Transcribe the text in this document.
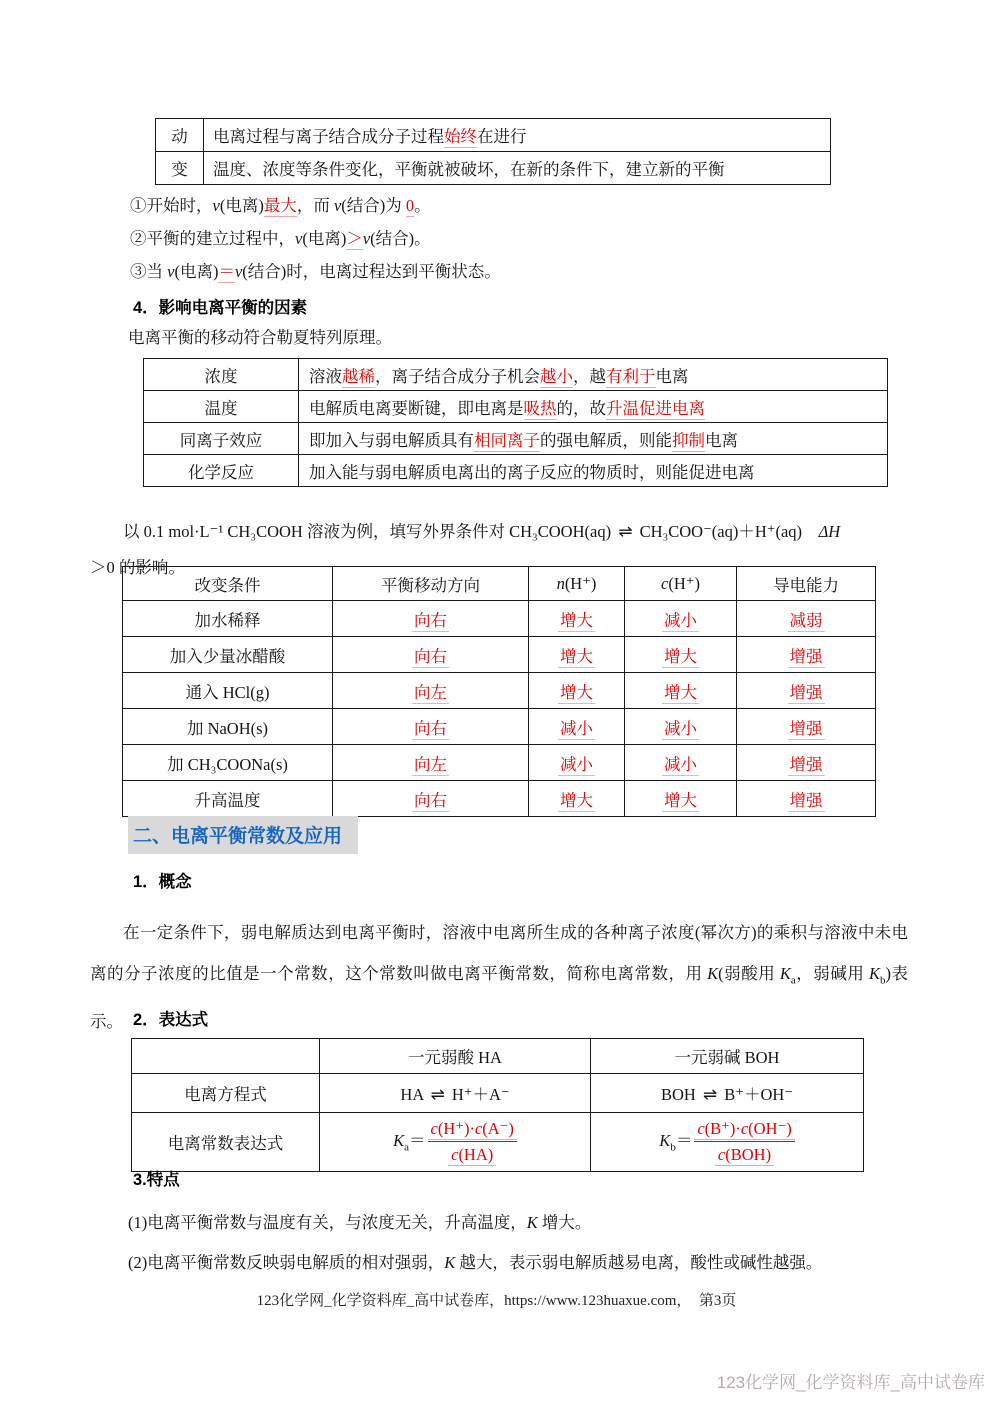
动	电离过程与离子结合成分子过程始终在进行
变	温度、浓度等条件变化，平衡就被破坏，在新的条件下，建立新的平衡

①开始时，v(电离)最大，而 v(结合)为 0。

②平衡的建立过程中，v(电离)＞v(结合)。

③当 v(电离)＝v(结合)时，电离过程达到平衡状态。

4．影响电离平衡的因素
电离平衡的移动符合勒夏特列原理。
浓度	溶液越稀，离子结合成分子机会越小，越有利于电离
温度	电解质电离要断键，即电离是吸热的，故升温促进电离
同离子效应	即加入与弱电解质具有相同离子的强电解质，则能抑制电离
化学反应	加入能与弱电解质电离出的离子反应的物质时，则能促进电离

以 0.1 mol·L⁻¹ CH₃COOH 溶液为例，填写外界条件对 CH₃COOH(aq) ⇌ CH₃COO⁻(aq)＋H⁺(aq)　ΔH
＞0 的影响。

改变条件	平衡移动方向	n(H⁺)	c(H⁺)	导电能力
加水稀释	向右	增大	减小	减弱
加入少量冰醋酸	向右	增大	增大	增强
通入 HCl(g)	向左	增大	增大	增强
加 NaOH(s)	向右	减小	减小	增强
加 CH₃COONa(s)	向左	减小	减小	增强
升高温度	向右	增大	增大	增强
二、电离平衡常数及应用
1．概念

在一定条件下，弱电解质达到电离平衡时，溶液中电离所生成的各种离子浓度(幂次方)的乘积与溶液中未电离的分子浓度的比值是一个常数，这个常数叫做电离平衡常数，简称电离常数，用 K(弱酸用 $K_a$，弱碱用 $K_b$)表示。 2．表达式
	一元弱酸 HA	一元弱碱 BOH
电离方程式	HA ⇌ H⁺＋A⁻	BOH ⇌ B⁺＋OH⁻
电离常数表达式	$K_a= \frac{c(H^+)\cdot c(A^-)}{c(HA)}$	$K_b= \frac{c(B^+)\cdot c(OH^-)}{\text{c(BOH)}}$
3.特点

(1)电离平衡常数与温度有关，与浓度无关，升高温度，K 增大。

(2)电离平衡常数反映弱电解质的相对强弱，K 越大，表示弱电解质越易电离，酸性或碱性越强。

123化学网_化学资料库_高中试卷库，https://www.123huaxue.com，　第3页
123化学网_化学资料库_高中试卷库
